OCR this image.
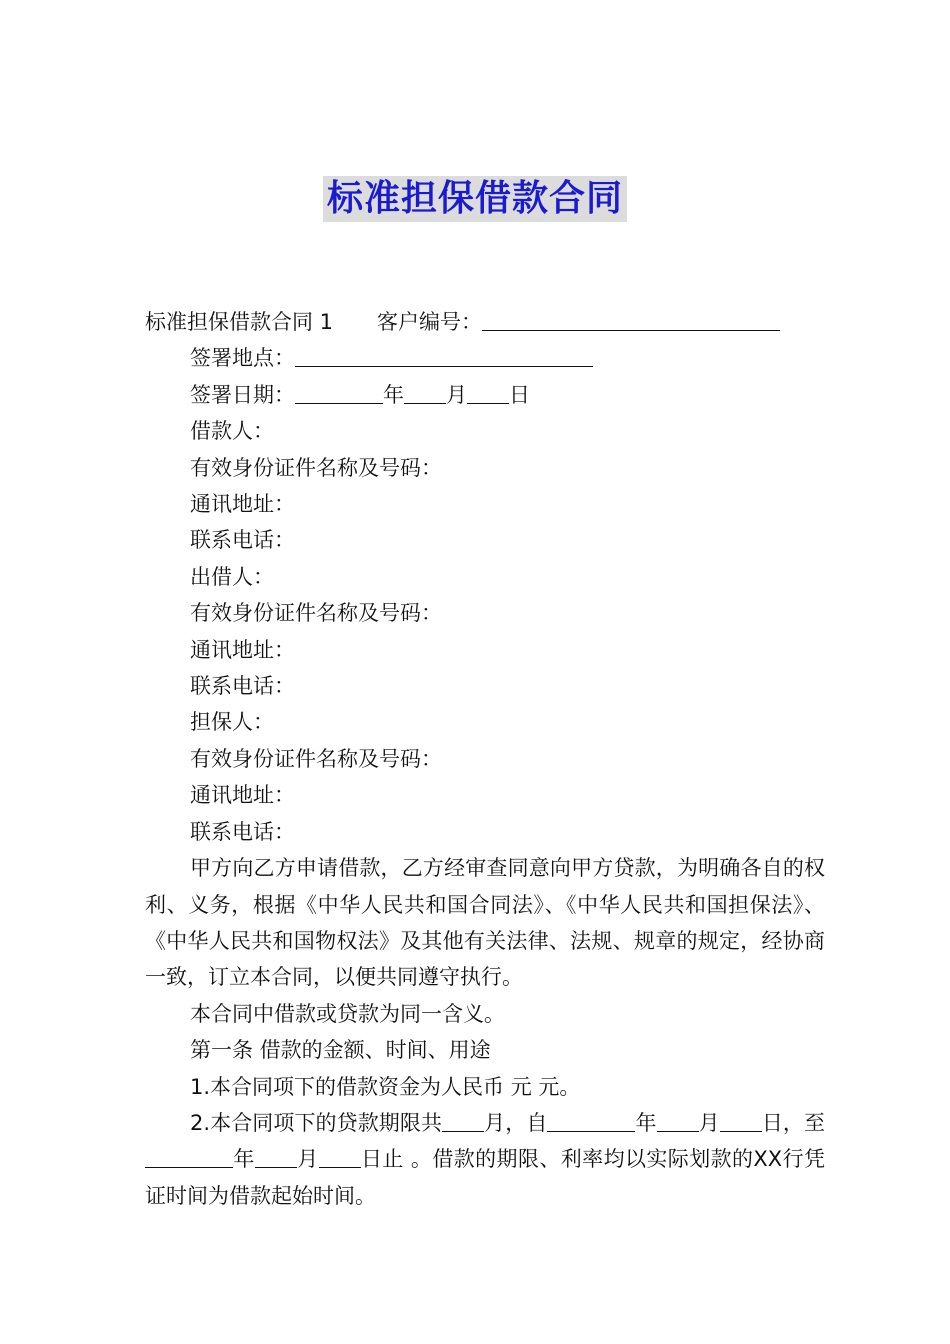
标准担保借款合同
标准担保借款合同 1 客户编号：
签署地点：
签署日期：	年 月 日
借款人：
有效身份证件名称及号码：
通讯地址：
联系电话：
出借人：
有效身份证件名称及号码：
通讯地址：
联系电话：
担保人：
有效身份证件名称及号码：
通讯地址：
联系电话：
甲方向乙方申请借款，乙方经审查同意向甲方贷款，为明确各自的权利、义务，根据《中华人民共和国合同法》、《中华人民共和国担保法》、《中华人民共和国物权法》及其他有关法律、法规、规章的规定，经协商一致，订立本合同，以便共同遵守执行。
本合同中借款或贷款为同一含义。
第一条 借款的金额、时间、用途
1.本合同项下的借款资金为人民币 元 元。
2.本合同项下的贷款期限共 月，自	年 月 日，至年 月 日止 。借款的期限、利率均以实际划款的XX行凭证时间为借款起始时间。
